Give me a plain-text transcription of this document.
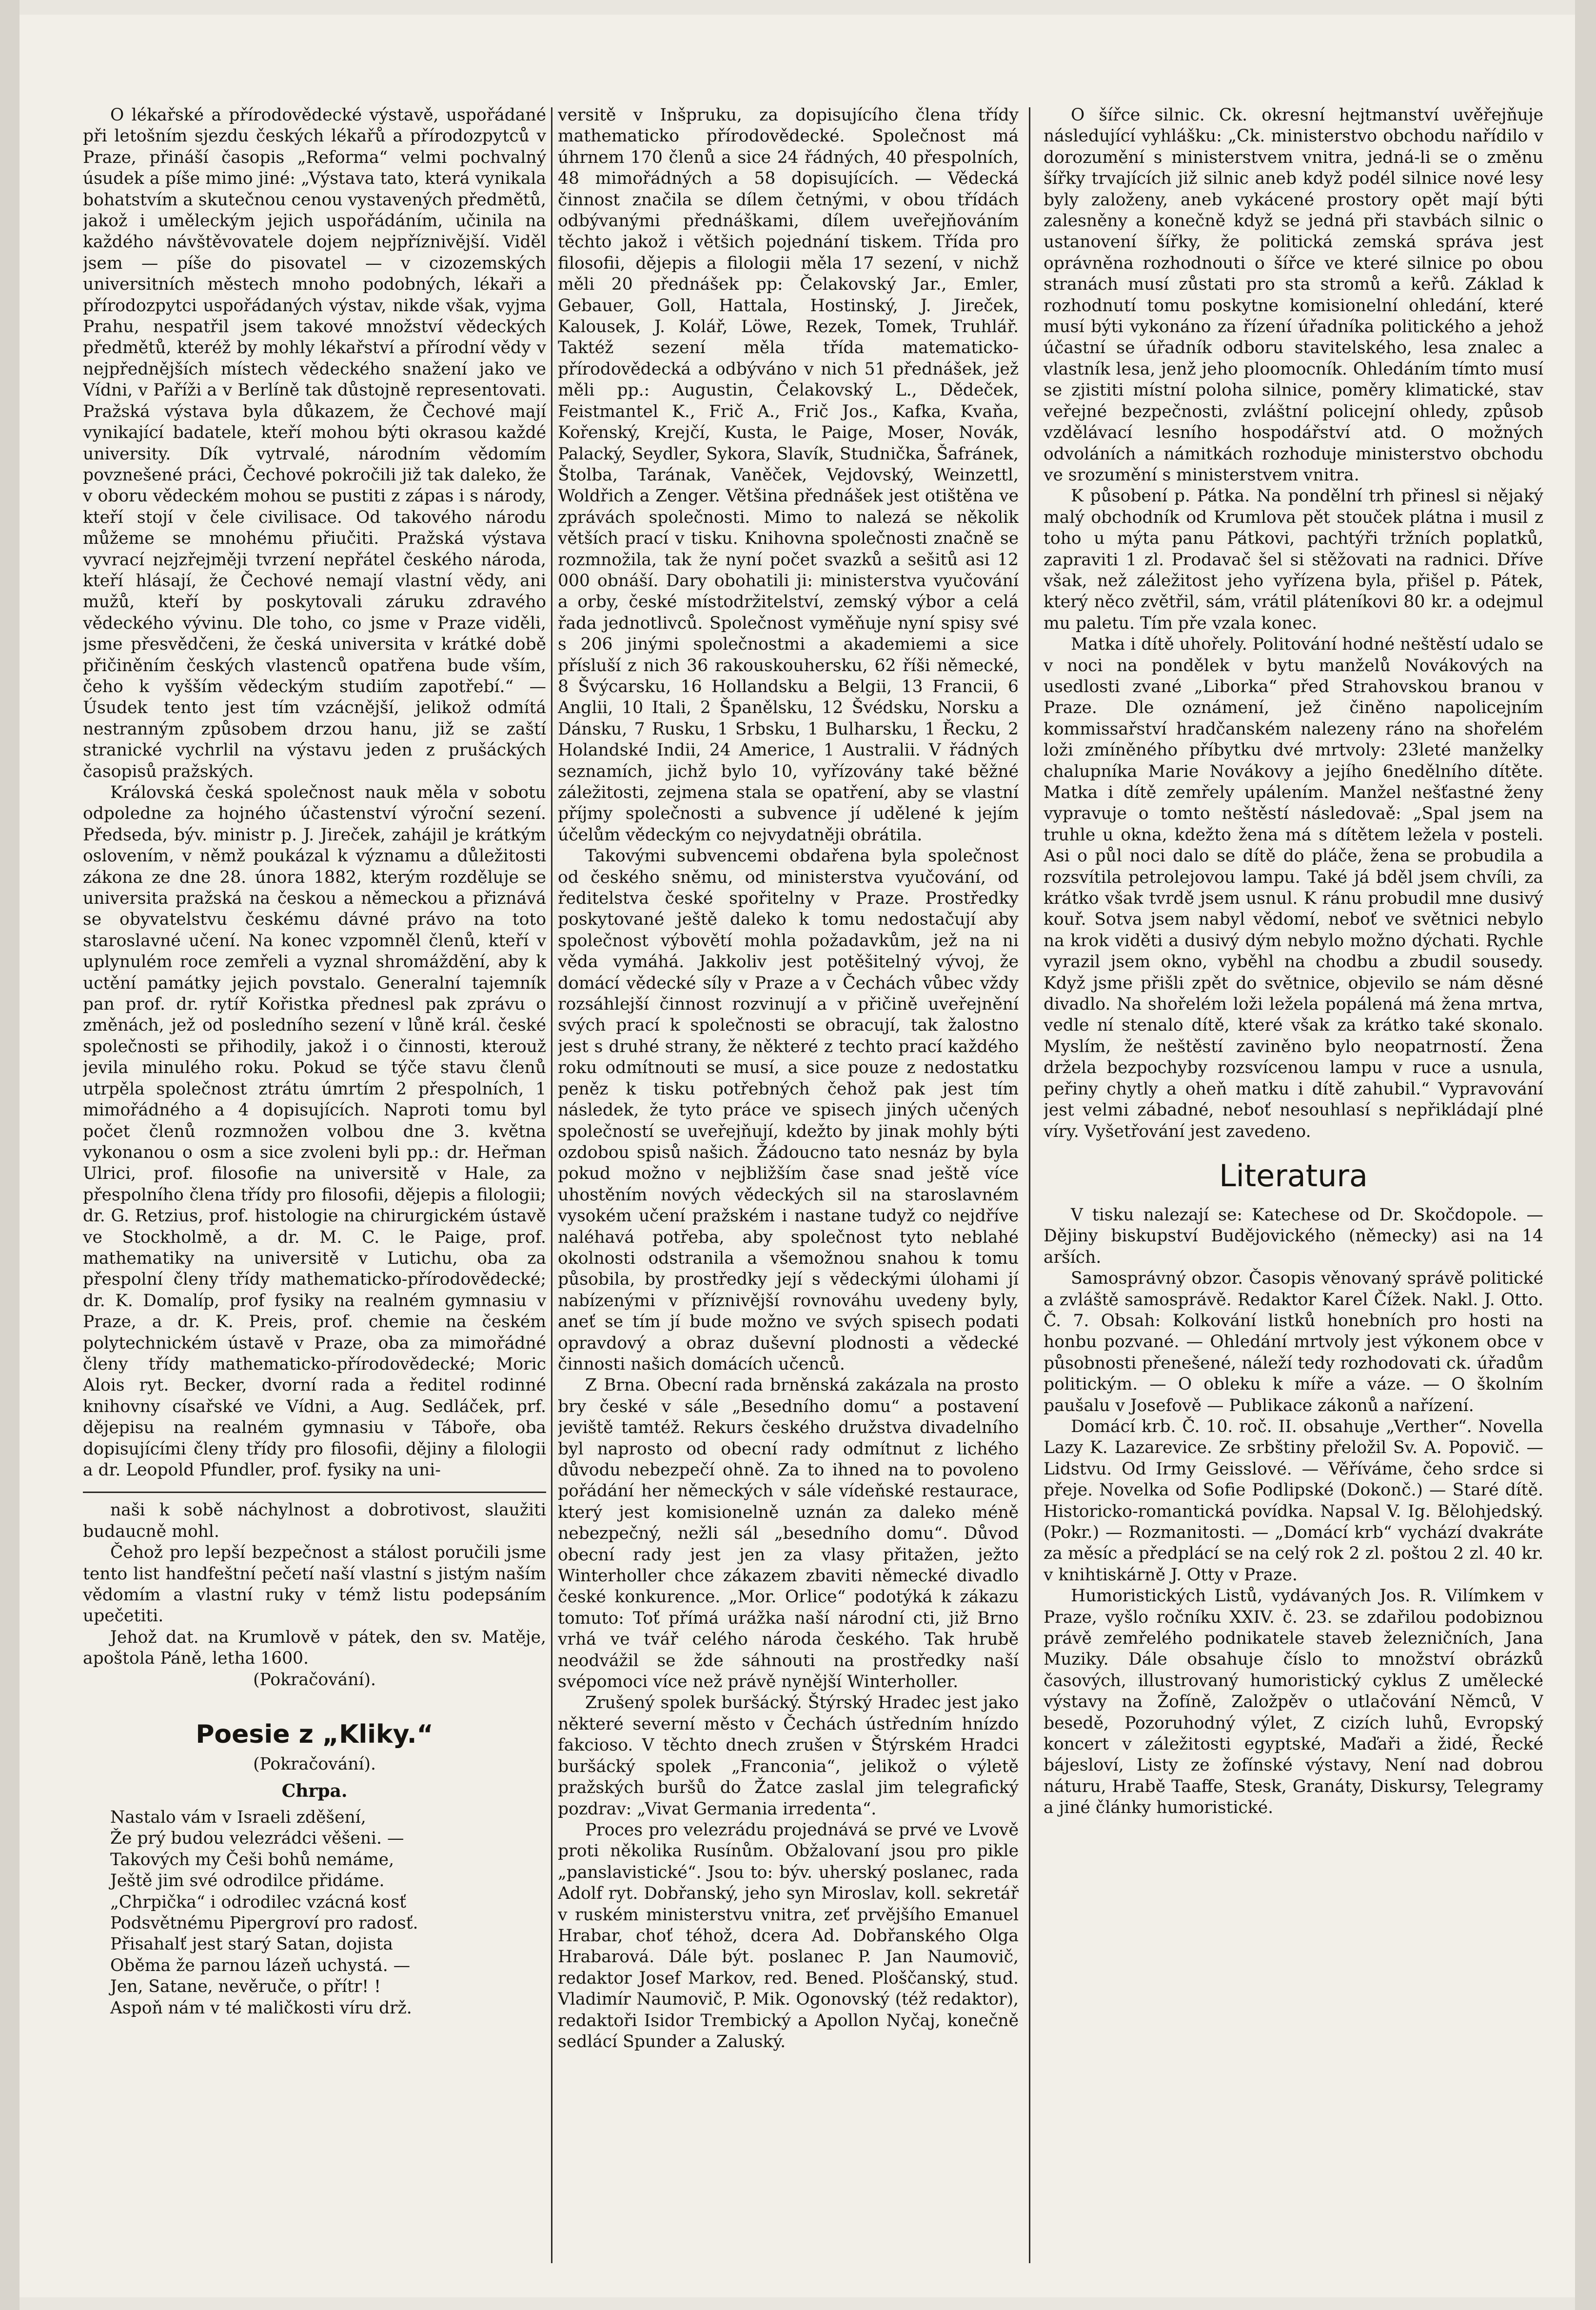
O lékařské a přírodovědecké výstavě, uspořádané při letošním sjezdu českých lékařů a přírodozpytců v Praze, přináší časopis „Reforma“ velmi pochvalný úsudek a píše mimo jiné: „Výstava tato, která vynikala bohatstvím a skutečnou cenou vystavených předmětů, jakož i uměleckým jejich uspořádáním, učinila na každého návštěvovatele dojem nejpříznivější. Viděl jsem — píše do pisovatel — v cizozemských universitních městech mnoho podobných, lékaři a přírodozpytci uspořádaných výstav, nikde však, vyjma Prahu, nespatřil jsem takové množství vědeckých předmětů, kteréž by mohly lékařství a přírodní vědy v nejpřednějších místech vědeckého snažení jako ve Vídni, v Paříži a v Berlíně tak důstojně representovati. Pražská výstava byla důkazem, že Čechové mají vynikající badatele, kteří mohou býti okrasou každé university. Dík vytrvalé, národním vědomím povznešené práci, Čechové pokročili již tak daleko, že v oboru vědeckém mohou se pustiti z zápas i s národy, kteří stojí v čele civilisace. Od takového národu můžeme se mnohému přiučiti. Pražská výstava vyvrací nejzřejměji tvrzení nepřátel českého národa, kteří hlásají, že Čechové nemají vlastní vědy, ani mužů, kteří by poskytovali záruku zdravého vědeckého vývinu. Dle toho, co jsme v Praze viděli, jsme přesvědčeni, že česká universita v krátké době přičiněním českých vlastenců opatřena bude vším, čeho k vyšším vědeckým studiím zapotřebí.“ — Úsudek tento jest tím vzácnější, jelikož odmítá nestranným způsobem drzou hanu, již se zaští stranické vychrlil na výstavu jeden z prušáckých časopisů pražských.

Královská česká společnost nauk měla v sobotu odpoledne za hojného účastenství výroční sezení. Předseda, býv. ministr p. J. Jireček, zahájil je krátkým oslovením, v němž poukázal k významu a důležitosti zákona ze dne 28. února 1882, kterým rozděluje se universita pražská na českou a německou a přiznává se obyvatelstvu českému dávné právo na toto staroslavné učení. Na konec vzpomněl členů, kteří v uplynulém roce zemřeli a vyznal shromáždění, aby k uctění památky jejich povstalo. Generalní tajemník pan prof. dr. rytíř Kořistka přednesl pak zprávu o změnách, jež od posledního sezení v lůně král. české společnosti se přihodily, jakož i o činnosti, kterouž jevila minulého roku. Pokud se týče stavu členů utrpěla společnost ztrátu úmrtím 2 přespolních, 1 mimořádného a 4 dopisujících. Naproti tomu byl počet členů rozmnožen volbou dne 3. května vykonanou o osm a sice zvoleni byli pp.: dr. Heřman Ulrici, prof. filosofie na universitě v Hale, za přespolního člena třídy pro filosofii, dějepis a filologii; dr. G. Retzius, prof. histologie na chirurgickém ústavě ve Stockholmě, a dr. M. C. le Paige, prof. mathematiky na universitě v Lutichu, oba za přespolní členy třídy mathematicko-přírodovědecké; dr. K. Domalíp, prof fysiky na realném gymnasiu v Praze, a dr. K. Preis, prof. chemie na českém polytechnickém ústavě v Praze, oba za mimořádné členy třídy mathematicko-přírodovědecké; Moric Alois ryt. Becker, dvorní rada a ředitel rodinné knihovny císařské ve Vídni, a Aug. Sedláček, prf. dějepisu na realném gymnasiu v Táboře, oba dopisujícími členy třídy pro filosofii, dějiny a filologii a dr. Leopold Pfundler, prof. fysiky na uni-

naši k sobě náchylnost a dobrotivost, slaužiti budaucně mohl.

Čehož pro lepší bezpečnost a stálost poručili jsme tento list handfeštní pečetí naší vlastní s jistým naším vědomím a vlastní ruky v témž listu podepsáním upečetiti.

Jehož dat. na Krumlově v pátek, den sv. Matěje, apoštola Páně, letha 1600.

(Pokračování).

Poesie z „Kliky.“
(Pokračování).
Chrpa.

Nastalo vám v Israeli zděšení,

Že prý budou velezrádci věšeni. —

Takových my Češi bohů nemáme,

Ještě jim své odrodilce přidáme.

„Chrpička“ i odrodilec vzácná kosť

Podsvětnému Pipergroví pro radosť.

Přisahalť jest starý Satan, dojista

Oběma že parnou lázeň uchystá. —

Jen, Satane, nevěruče, o přítr! !

Aspoň nám v té maličkosti víru drž.

versitě v Inšpruku, za dopisujícího člena třídy mathematicko přírodovědecké. Společnost má úhrnem 170 členů a sice 24 řádných, 40 přespolních, 48 mimořádných a 58 dopisujících. — Vědecká činnost značila se dílem četnými, v obou třídách odbývanými přednáškami, dílem uveřejňováním těchto jakož i většich pojednání tiskem. Třída pro filosofii, dějepis a filologii měla 17 sezení, v nichž měli 20 přednášek pp: Čelakovský Jar., Emler, Gebauer, Goll, Hattala, Hostinský, J. Jireček, Kalousek, J. Kolář, Löwe, Rezek, Tomek, Truhlář. Taktéž sezení měla třída matematicko-přírodovědecká a odbýváno v nich 51 přednášek, jež měli pp.: Augustin, Čelakovský L., Dědeček, Feistmantel K., Frič A., Frič Jos., Kafka, Kvaňa, Kořenský, Krejčí, Kusta, le Paige, Moser, Novák, Palacký, Seydler, Sykora, Slavík, Studnička, Šafránek, Štolba, Tarának, Vaněček, Vejdovský, Weinzettl, Woldřich a Zenger. Většina přednášek jest otištěna ve zprávách společnosti. Mimo to nalezá se několik větších prací v tisku. Knihovna společnosti značně se rozmnožila, tak že nyní počet svazků a sešitů asi 12 000 obnáší. Dary obohatili ji: ministerstva vyučování a orby, české místodržitelství, zemský výbor a celá řada jednotlivců. Společnost vyměňuje nyní spisy své s 206 jinými společnostmi a akademiemi a sice přísluší z nich 36 rakouskouhersku, 62 říši německé, 8 Švýcarsku, 16 Hollandsku a Belgii, 13 Francii, 6 Anglii, 10 Itali, 2 Španělsku, 12 Švédsku, Norsku a Dánsku, 7 Rusku, 1 Srbsku, 1 Bulharsku, 1 Řecku, 2 Holandské Indii, 24 Americe, 1 Australii. V řádných seznamích, jichž bylo 10, vyřízovány také běžné záležitosti, zejmena stala se opatření, aby se vlastní příjmy společnosti a subvence jí udělené k jejím účelům vědeckým co nejvydatněji obrátila.

Takovými subvencemi obdařena byla společnost od českého sněmu, od ministerstva vyučování, od ředitelstva české spořitelny v Praze. Prostředky poskytované ještě daleko k tomu nedostačují aby společnost výbovětí mohla požadavkům, jež na ni věda vymáhá. Jakkoliv jest potěšitelný vývoj, že domácí vědecké síly v Praze a v Čechách vůbec vždy rozsáhlejší činnost rozvinují a v přičině uveřejnění svých prací k společnosti se obracují, tak žalostno jest s druhé strany, že některé z techto prací každého roku odmítnouti se musí, a sice pouze z nedostatku peněz k tisku potřebných čehož pak jest tím následek, že tyto práce ve spisech jiných učených společností se uveřejňují, kdežto by jinak mohly býti ozdobou spisů našich. Žádoucno tato nesnáz by byla pokud možno v nejbližším čase snad ještě více uhostěním nových vědeckých sil na staroslavném vysokém učení pražském i nastane tudyž co nejdříve naléhavá potřeba, aby společnost tyto neblahé okolnosti odstranila a všemožnou snahou k tomu působila, by prostředky její s vědeckými úlohami jí nabízenými v příznivější rovnováhu uvedeny byly, aneť se tím jí bude možno ve svých spisech podati opravdový a obraz duševní plodnosti a vědecké činnosti našich domácích učenců.

Z Brna. Obecní rada brněnská zakázala na prosto bry české v sále „Besedního domu“ a postavení jeviště tamtéž. Rekurs českého družstva divadelního byl naprosto od obecní rady odmítnut z lichého důvodu nebezpečí ohně. Za to ihned na to povoleno pořádání her německých v sále vídeňské restaurace, který jest komisionelně uznán za daleko méně nebezpečný, nežli sál „besedního domu“. Důvod obecní rady jest jen za vlasy přitažen, ježto Winterholler chce zákazem zbaviti německé divadlo české konkurence. „Mor. Orlice“ podotýká k zákazu tomuto: Toť přímá urážka naší národní cti, již Brno vrhá ve tvář celého národa českého. Tak hrubě neodvážil se žde sáhnouti na prostředky naší svépomoci více než právě nynější Winterholler.

Zrušený spolek buršácký. Štýrský Hradec jest jako některé severní město v Čechách ústředním hnízdo fakcioso. V těchto dnech zrušen v Štýrském Hradci buršácký spolek „Franconia“, jelikož o výletě pražských buršů do Žatce zaslal jim telegrafický pozdrav: „Vivat Germania irredenta“.

Proces pro velezrádu projednává se prvé ve Lvově proti několika Rusínům. Obžalovaní jsou pro pikle „panslavistické“. Jsou to: býv. uherský poslanec, rada Adolf ryt. Dobřanský, jeho syn Miroslav, koll. sekretář v ruském ministerstvu vnitra, zeť prvějšího Emanuel Hrabar, choť téhož, dcera Ad. Dobřanského Olga Hrabarová. Dále být. poslanec P. Jan Naumovič, redaktor Josef Markov, red. Bened. Ploščanský, stud. Vladimír Naumovič, P. Mik. Ogonovský (též redaktor), redaktoři Isidor Trembický a Apollon Nyčaj, konečně sedlácí Spunder a Zaluský.

O šířce silnic. Ck. okresní hejtmanství uvěřejňuje následující vyhlášku: „Ck. ministerstvo obchodu nařídilo v dorozumění s ministerstvem vnitra, jedná-li se o změnu šířky trvajících již silnic aneb když podél silnice nové lesy byly založeny, aneb vykácené prostory opět mají býti zalesněny a konečně když se jedná při stavbách silnic o ustanovení šířky, že politická zemská správa jest oprávněna rozhodnouti o šířce ve které silnice po obou stranách musí zůstati pro sta stromů a keřů. Základ k rozhodnutí tomu poskytne komisionelní ohledání, které musí býti vykonáno za řízení úřadníka politického a jehož účastní se úřadník odboru stavitelského, lesa znalec a vlastník lesa, jenž jeho ploomocník. Ohledáním tímto musí se zjistiti místní poloha silnice, poměry klimatické, stav veřejné bezpečnosti, zvláštní policejní ohledy, způsob vzdělávací lesního hospodářství atd. O možných odvoláních a námitkách rozhoduje ministerstvo obchodu ve srozumění s ministerstvem vnitra.

K působení p. Pátka. Na pondělní trh přinesl si nějaký malý obchodník od Krumlova pět stouček plátna i musil z toho u mýta panu Pátkovi, pachtýři tržních poplatků, zapraviti 1 zl. Prodavač šel si stěžovati na radnici. Dříve však, než záležitost jeho vyřízena byla, přišel p. Pátek, který něco zvětřil, sám, vrátil pláteníkovi 80 kr. a odejmul mu paletu. Tím pře vzala konec.

Matka i dítě uhořely. Politování hodné neštěstí udalo se v noci na pondělek v bytu manželů Novákových na usedlosti zvané „Liborka“ před Strahovskou branou v Praze. Dle oznámení, jež činěno napolicejním kommissařství hradčanském nalezeny ráno na shořelém loži zmíněného příbytku dvé mrtvoly: 23leté manželky chalupníka Marie Novákovy a jejího 6nedělního dítěte. Matka i dítě zemřely upálením. Manžel nešťastné ženy vypravuje o tomto neštěstí následovaě: „Spal jsem na truhle u okna, kdežto žena má s dítětem ležela v posteli. Asi o půl noci dalo se dítě do pláče, žena se probudila a rozsvítila petrolejovou lampu. Také já bděl jsem chvíli, za krátko však tvrdě jsem usnul. K ránu probudil mne dusivý kouř. Sotva jsem nabyl vědomí, neboť ve světnici nebylo na krok viděti a dusivý dým nebylo možno dýchati. Rychle vyrazil jsem okno, vyběhl na chodbu a zbudil sousedy. Když jsme přišli zpět do světnice, objevilo se nám děsné divadlo. Na shořelém loži ležela popálená má žena mrtva, vedle ní stenalo dítě, které však za krátko také skonalo. Myslím, že neštěstí zaviněno bylo neopatrností. Žena držela bezpochyby rozsvícenou lampu v ruce a usnula, peřiny chytly a oheň matku i dítě zahubil.“ Vypravování jest velmi zábadné, neboť nesouhlasí s nepřikládají plné víry. Vyšetřování jest zavedeno.

Literatura

V tisku nalezají se: Katechese od Dr. Skočdopole. — Dějiny biskupství Budějovického (německy) asi na 14 arších.

Samosprávný obzor. Časopis věnovaný správě politické a zvláště samosprávě. Redaktor Karel Čížek. Nakl. J. Otto. Č. 7. Obsah: Kolkování listků honebních pro hosti na honbu pozvané. — Ohledání mrtvoly jest výkonem obce v působnosti přenešené, náleží tedy rozhodovati ck. úřadům politickým. — O obleku k míře a váze. — O školním paušalu v Josefově — Publikace zákonů a nařízení.

Domácí krb. Č. 10. roč. II. obsahuje „Verther“. Novella Lazy K. Lazarevice. Ze srbštiny přeložil Sv. A. Popovič. — Lidstvu. Od Irmy Geisslové. — Věříváme, čeho srdce si přeje. Novelka od Sofie Podlipské (Dokonč.) — Staré dítě. Historicko-romantická povídka. Napsal V. Ig. Bělohjedský. (Pokr.) — Rozmanitosti. — „Domácí krb“ vychází dvakráte za měsíc a předplácí se na celý rok 2 zl. poštou 2 zl. 40 kr. v knihtiskárně J. Otty v Praze.

Humoristických Listů, vydávaných Jos. R. Vilímkem v Praze, vyšlo ročníku XXIV. č. 23. se zdařilou podobiznou právě zemřelého podnikatele staveb železničních, Jana Muziky. Dále obsahuje číslo to množství obrázků časových, illustrovaný humoristický cyklus Z umělecké výstavy na Žofíně, Založpěv o utlačování Němců, V besedě, Pozoruhodný výlet, Z cizích luhů, Evropský koncert v záležitosti egyptské, Maďaři a židé, Řecké bájesloví, Listy ze žofínské výstavy, Není nad dobrou náturu, Hrabě Taaffe, Stesk, Granáty, Diskursy, Telegramy a jiné články humoristické.
